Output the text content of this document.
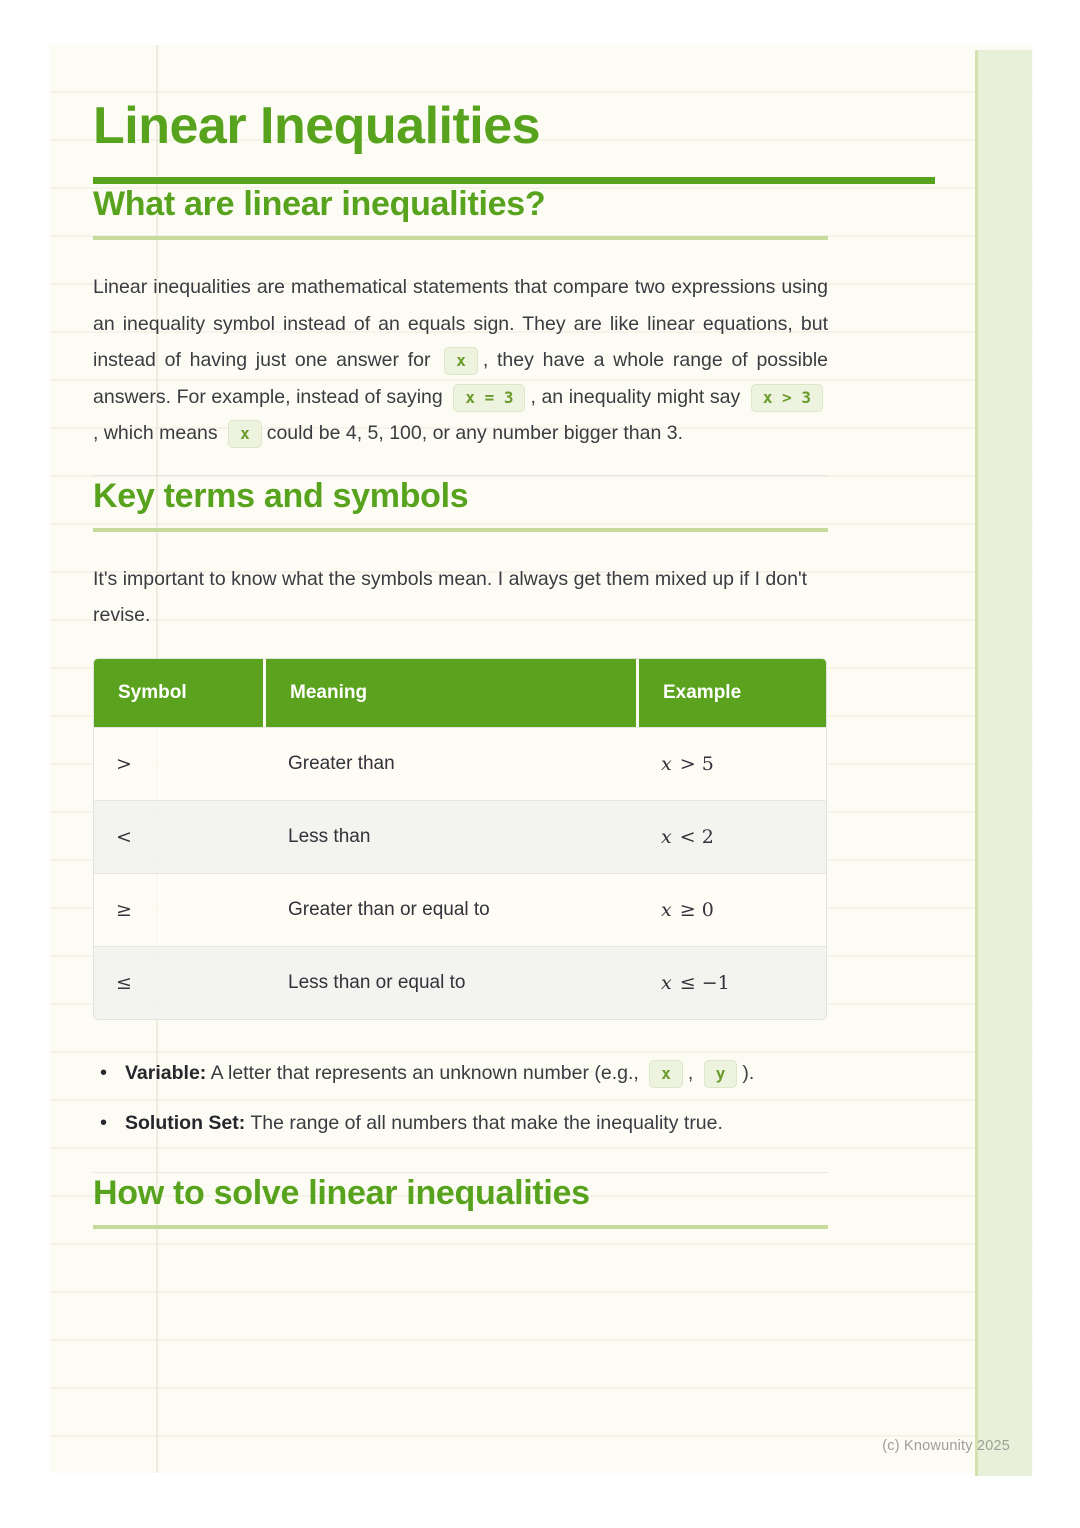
Linear Inequalities
What are linear inequalities?

Linear inequalities are mathematical statements that compare two expressions using an inequality symbol instead of an equals sign. They are like linear equations, but instead of having just one answer for x , they have a whole range of possible answers. For example, instead of saying x = 3 , an inequality might say x > 3, which means x could be 4, 5, 100, or any number bigger than 3.

Key terms and symbols

It's important to know what the symbols mean. I always get them mixed up if I don't revise.

Symbol	Meaning	Example
>	Greater than	x > 5
<	Less than	x < 2
≥	Greater than or equal to	x ≥ 0
≤	Less than or equal to	x ≤ −1
• Variable: A letter that represents an unknown number (e.g., x , y ).
• Solution Set: The range of all numbers that make the inequality true.
How to solve linear inequalities
(c) Knowunity 2025
